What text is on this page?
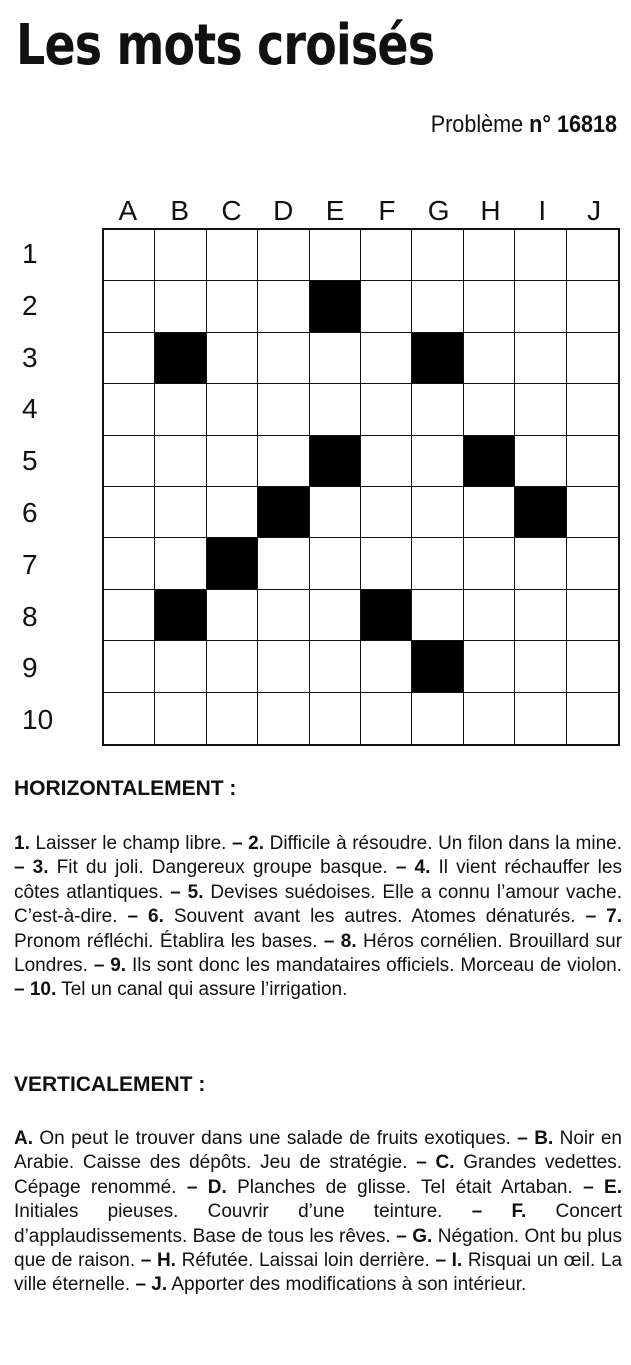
Les mots croisés
Problème n° 16818
A	B	C	D	E	F	G	H	I	J
1
2
3
4
5
6
7
8
9
10
HORIZONTALEMENT :
1. Laisser le champ libre. – 2. Difficile à résoudre. Un filon dans la mine. – 3. Fit du joli. Dangereux groupe basque. – 4. Il vient réchauffer les côtes atlantiques. – 5. Devises suédoises. Elle a connu l’amour vache. C’est-à-dire. – 6. Souvent avant les autres. Atomes dénaturés. – 7. Pronom réfléchi. Établira les bases. – 8. Héros cornélien. Brouillard sur Londres. – 9. Ils sont donc les mandataires officiels. Morceau de violon. – 10. Tel un canal qui assure l’irrigation.
VERTICALEMENT :
A. On peut le trouver dans une salade de fruits exotiques. – B. Noir en Arabie. Caisse des dépôts. Jeu de stratégie. – C. Grandes vedettes. Cépage renommé. – D. Planches de glisse. Tel était Artaban. – E. Initiales pieuses. Couvrir d’une teinture. – F. Concert d’applaudissements. Base de tous les rêves. – G. Négation. Ont bu plus que de raison. – H. Réfutée. Laissai loin derrière. – I. Risquai un œil. La ville éternelle. – J. Apporter des modifications à son intérieur.
